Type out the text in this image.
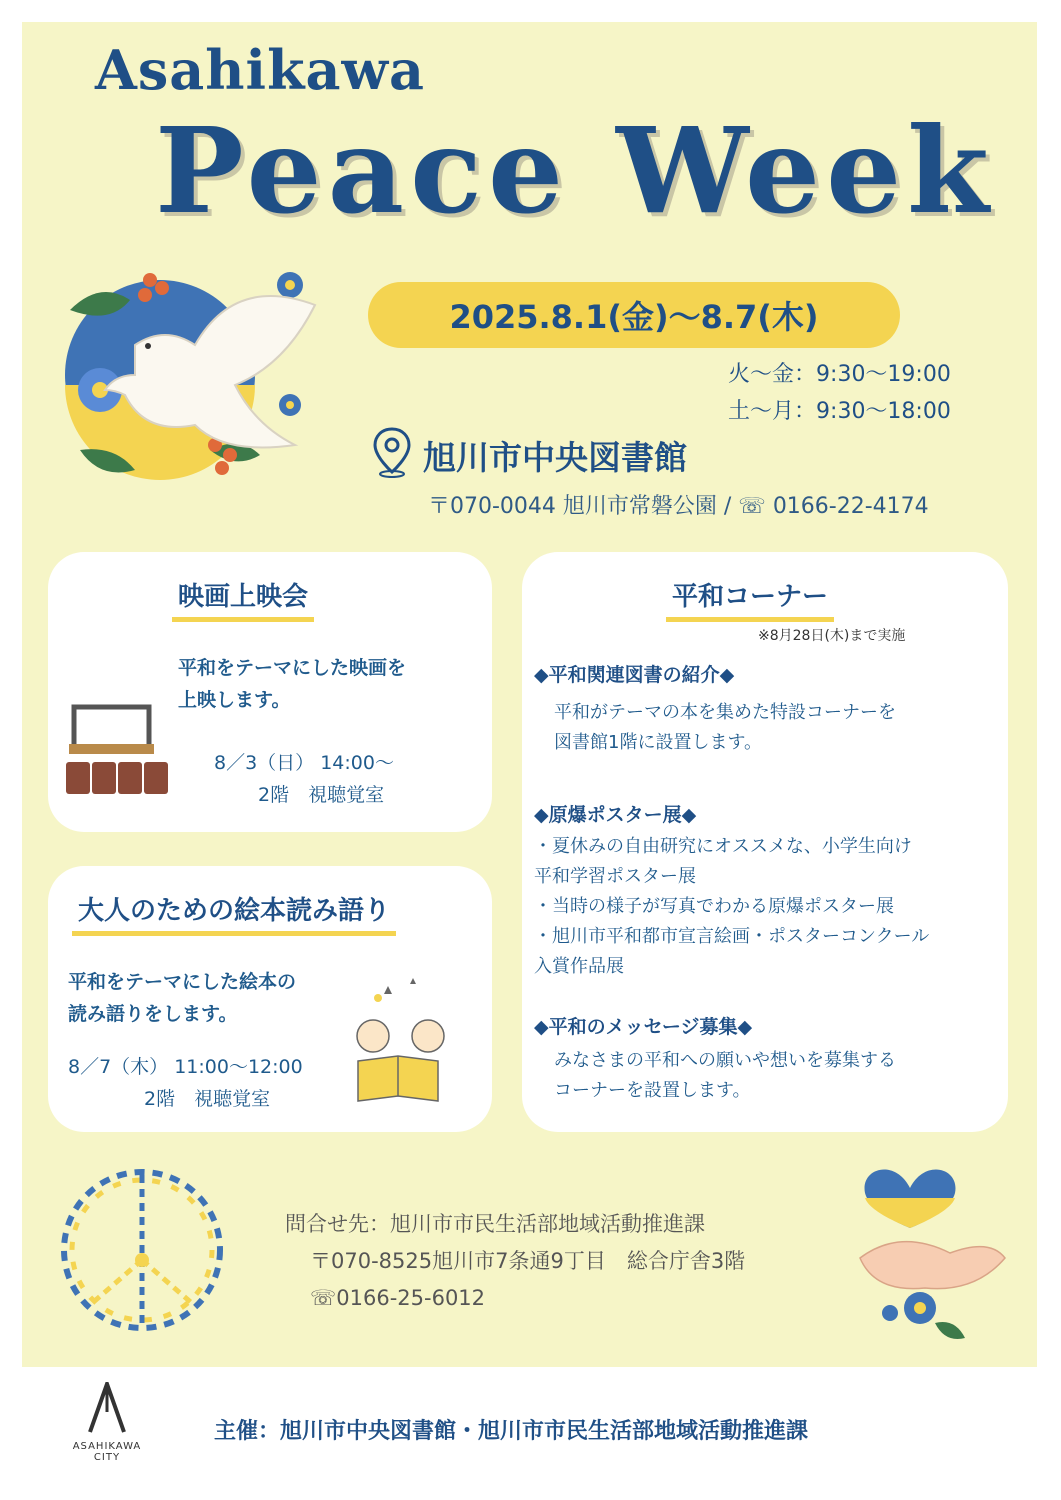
Asahikawa
Peace Week
2025.8.1(金)〜8.7(木)
火〜金：9:30〜19:00
土〜月：9:30〜18:00
旭川市中央図書館
〒070-0044 旭川市常磐公園 / ☏ 0166-22-4174
映画上映会
平和をテーマにした映画を
上映します。
8／3（日） 14:00〜
2階　視聴覚室
大人のための絵本読み語り
平和をテーマにした絵本の
読み語りをします。
8／7（木） 11:00〜12:00
2階　視聴覚室
平和コーナー
※8月28日(木)まで実施
◆平和関連図書の紹介◆
平和がテーマの本を集めた特設コーナーを
図書館1階に設置します。
◆原爆ポスター展◆
・夏休みの自由研究にオススメな、小学生向け
平和学習ポスター展
・当時の様子が写真でわかる原爆ポスター展
・旭川市平和都市宣言絵画・ポスターコンクール
入賞作品展
◆平和のメッセージ募集◆
みなさまの平和への願いや想いを募集する
コーナーを設置します。
問合せ先：旭川市市民生活部地域活動推進課
〒070-8525旭川市7条通9丁目　総合庁舎3階
☏0166-25-6012
ASAHIKAWA
CITY
主催：旭川市中央図書館・旭川市市民生活部地域活動推進課
